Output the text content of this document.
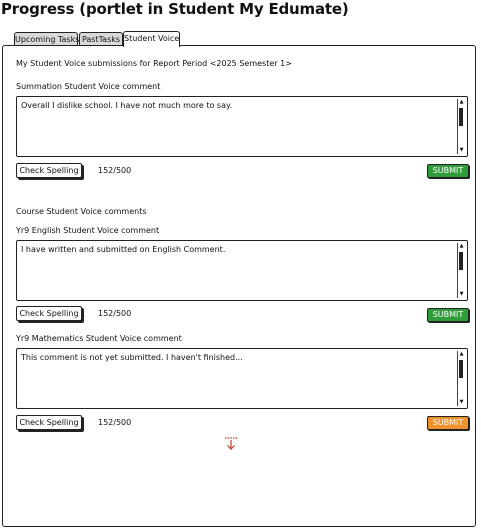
Progress (portlet in Student My Edumate)
Upcoming Tasks PastTasks Student Voice
My Student Voice submissions for Report Period <2025 Semester 1>
Summation Student Voice comment
Overall I dislike school. I have not much more to say.	▲
▼
Check Spelling	152/500	SUBMIT
Course Student Voice comments
Yr9 English Student Voice comment
I have written and submitted on English Comment.	▲
▼
Check Spelling	152/500	SUBMIT
Yr9 Mathematics Student Voice comment
This comment is not yet submitted. I haven't finished...	▲
▼
Check Spelling	152/500	SUBMIT
